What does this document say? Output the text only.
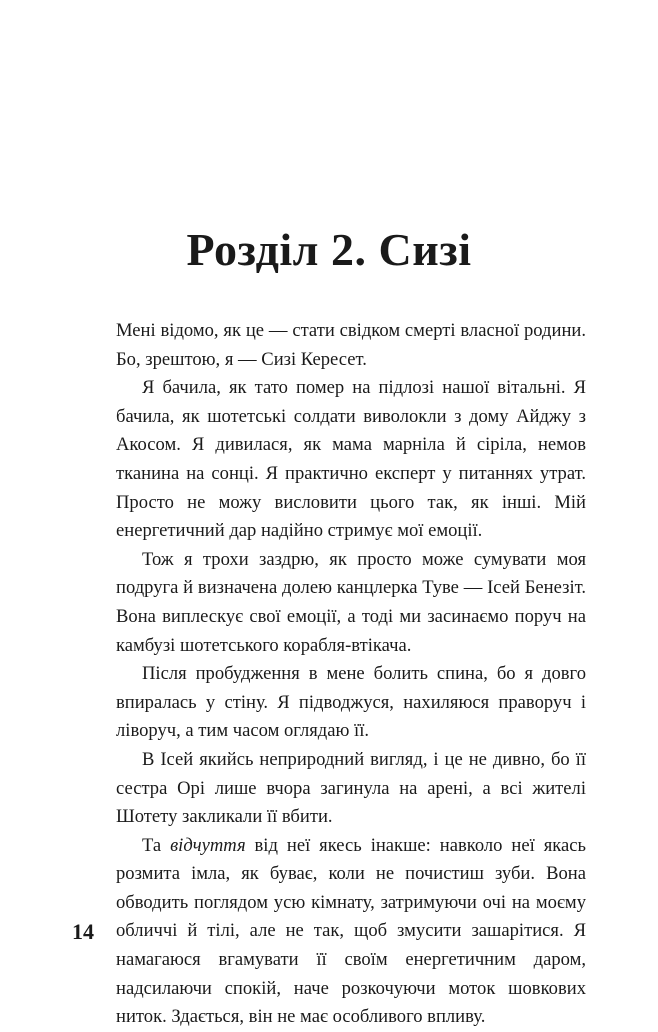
Розділ 2. Сизі

Мені відомо, як це — стати свідком смерті власної родини. Бо, зрештою, я — Сизі Кересет.

Я бачила, як тато помер на підлозі нашої вітальні. Я бачила, як шотетські солдати виволокли з дому Айджу з Акосом. Я дивилася, як мама марніла й сіріла, немов тканина на сонці. Я практично експерт у питаннях утрат. Просто не можу висловити цього так, як інші. Мій енергетичний дар надійно стримує мої емоції.

Тож я трохи заздрю, як просто може сумувати моя подруга й визначена долею канцлерка Туве — Ісей Бенезіт. Вона виплескує свої емоції, а тоді ми засинаємо поруч на камбузі шотетського корабля-втікача.

Після пробудження в мене болить спина, бо я довго впиралась у стіну. Я підводжуся, нахиляюся праворуч і ліворуч, а тим часом оглядаю її.

В Ісей якийсь неприродний вигляд, і це не дивно, бо її сестра Орі лише вчора загинула на арені, а всі жителі Шотету закликали її вбити.

Та відчуття від неї якесь інакше: навколо неї якась розмита імла, як буває, коли не почистиш зуби. Вона обводить поглядом усю кімнату, затримуючи очі на моєму обличчі й тілі, але не так, щоб змусити зашарітися. Я намагаюся вгамувати її своїм енергетичним даром, надсилаючи спокій, наче розкочуючи моток шовкових ниток. Здається, він не має особливого впливу.

14
